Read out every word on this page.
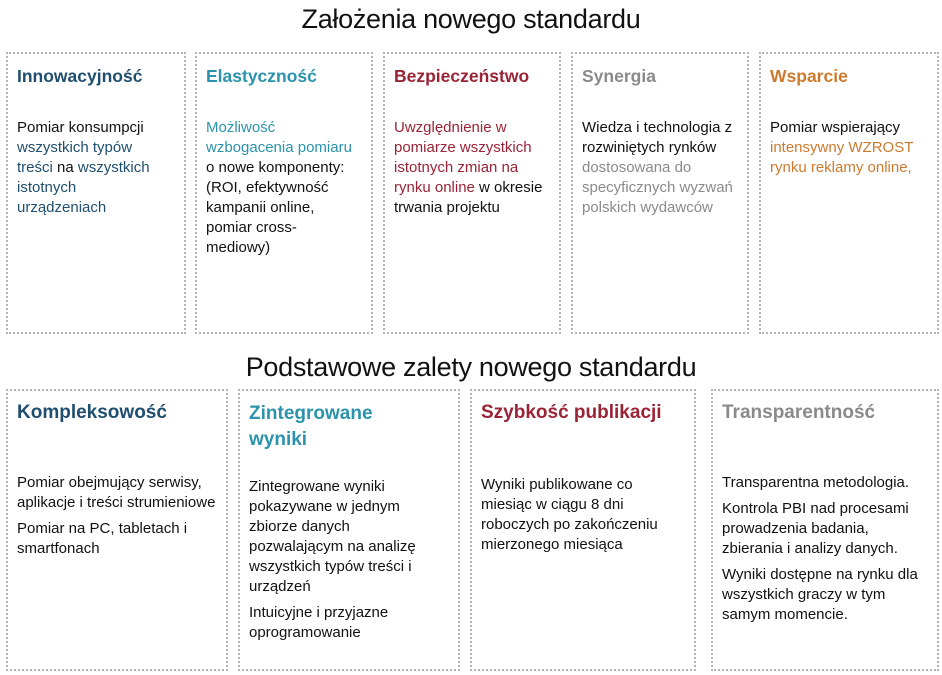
Założenia nowego standardu
Innowacyjność
Pomiar konsumpcji wszystkich typów treści na wszystkich istotnych urządzeniach
Elastyczność
Możliwość wzbogacenia pomiaru o nowe komponenty: (ROI, efektywność kampanii online, pomiar cross-mediowy)
Bezpieczeństwo
Uwzględnienie w pomiarze wszystkich istotnych zmian na rynku online w okresie trwania projektu
Synergia
Wiedza i technologia z rozwiniętych rynków dostosowana do specyficznych wyzwań polskich wydawców
Wsparcie
Pomiar wspierający intensywny WZROST rynku reklamy online,
Podstawowe zalety nowego standardu
Kompleksowość

Pomiar obejmujący serwisy, aplikacje i treści strumieniowe

Pomiar na PC, tabletach i smartfonach

Zintegrowane wyniki

Zintegrowane wyniki pokazywane w jednym zbiorze danych pozwalającym na analizę wszystkich typów treści i urządzeń

Intuicyjne i przyjazne oprogramowanie

Szybkość publikacji

Wyniki publikowane co miesiąc w ciągu 8 dni roboczych po zakończeniu mierzonego miesiąca

Transparentność

Transparentna metodologia.

Kontrola PBI nad procesami prowadzenia badania, zbierania i analizy danych.

Wyniki dostępne na rynku dla wszystkich graczy w tym samym momencie.
